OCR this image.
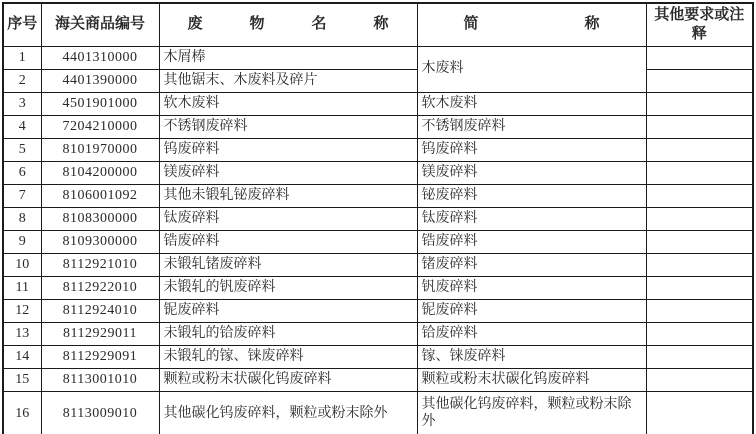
序号	海关商品编号	废物名称	简称	其他要求或注释
1	4401310000	木屑棒	木废料	
2	4401390000	其他锯末、木废料及碎片		
3	4501901000	软木废料	软木废料	
4	7204210000	不锈钢废碎料	不锈钢废碎料	
5	8101970000	钨废碎料	钨废碎料	
6	8104200000	镁废碎料	镁废碎料	
7	8106001092	其他未锻轧铋废碎料	铋废碎料	
8	8108300000	钛废碎料	钛废碎料	
9	8109300000	锆废碎料	锆废碎料	
10	8112921010	未锻轧锗废碎料	锗废碎料	
11	8112922010	未锻轧的钒废碎料	钒废碎料	
12	8112924010	铌废碎料	铌废碎料	
13	8112929011	未锻轧的铪废碎料	铪废碎料	
14	8112929091	未锻轧的镓、铼废碎料	镓、铼废碎料	
15	8113001010	颗粒或粉末状碳化钨废碎料	颗粒或粉末状碳化钨废碎料	
16	8113009010	其他碳化钨废碎料，颗粒或粉末除外	其他碳化钨废碎料，颗粒或粉末除外	
